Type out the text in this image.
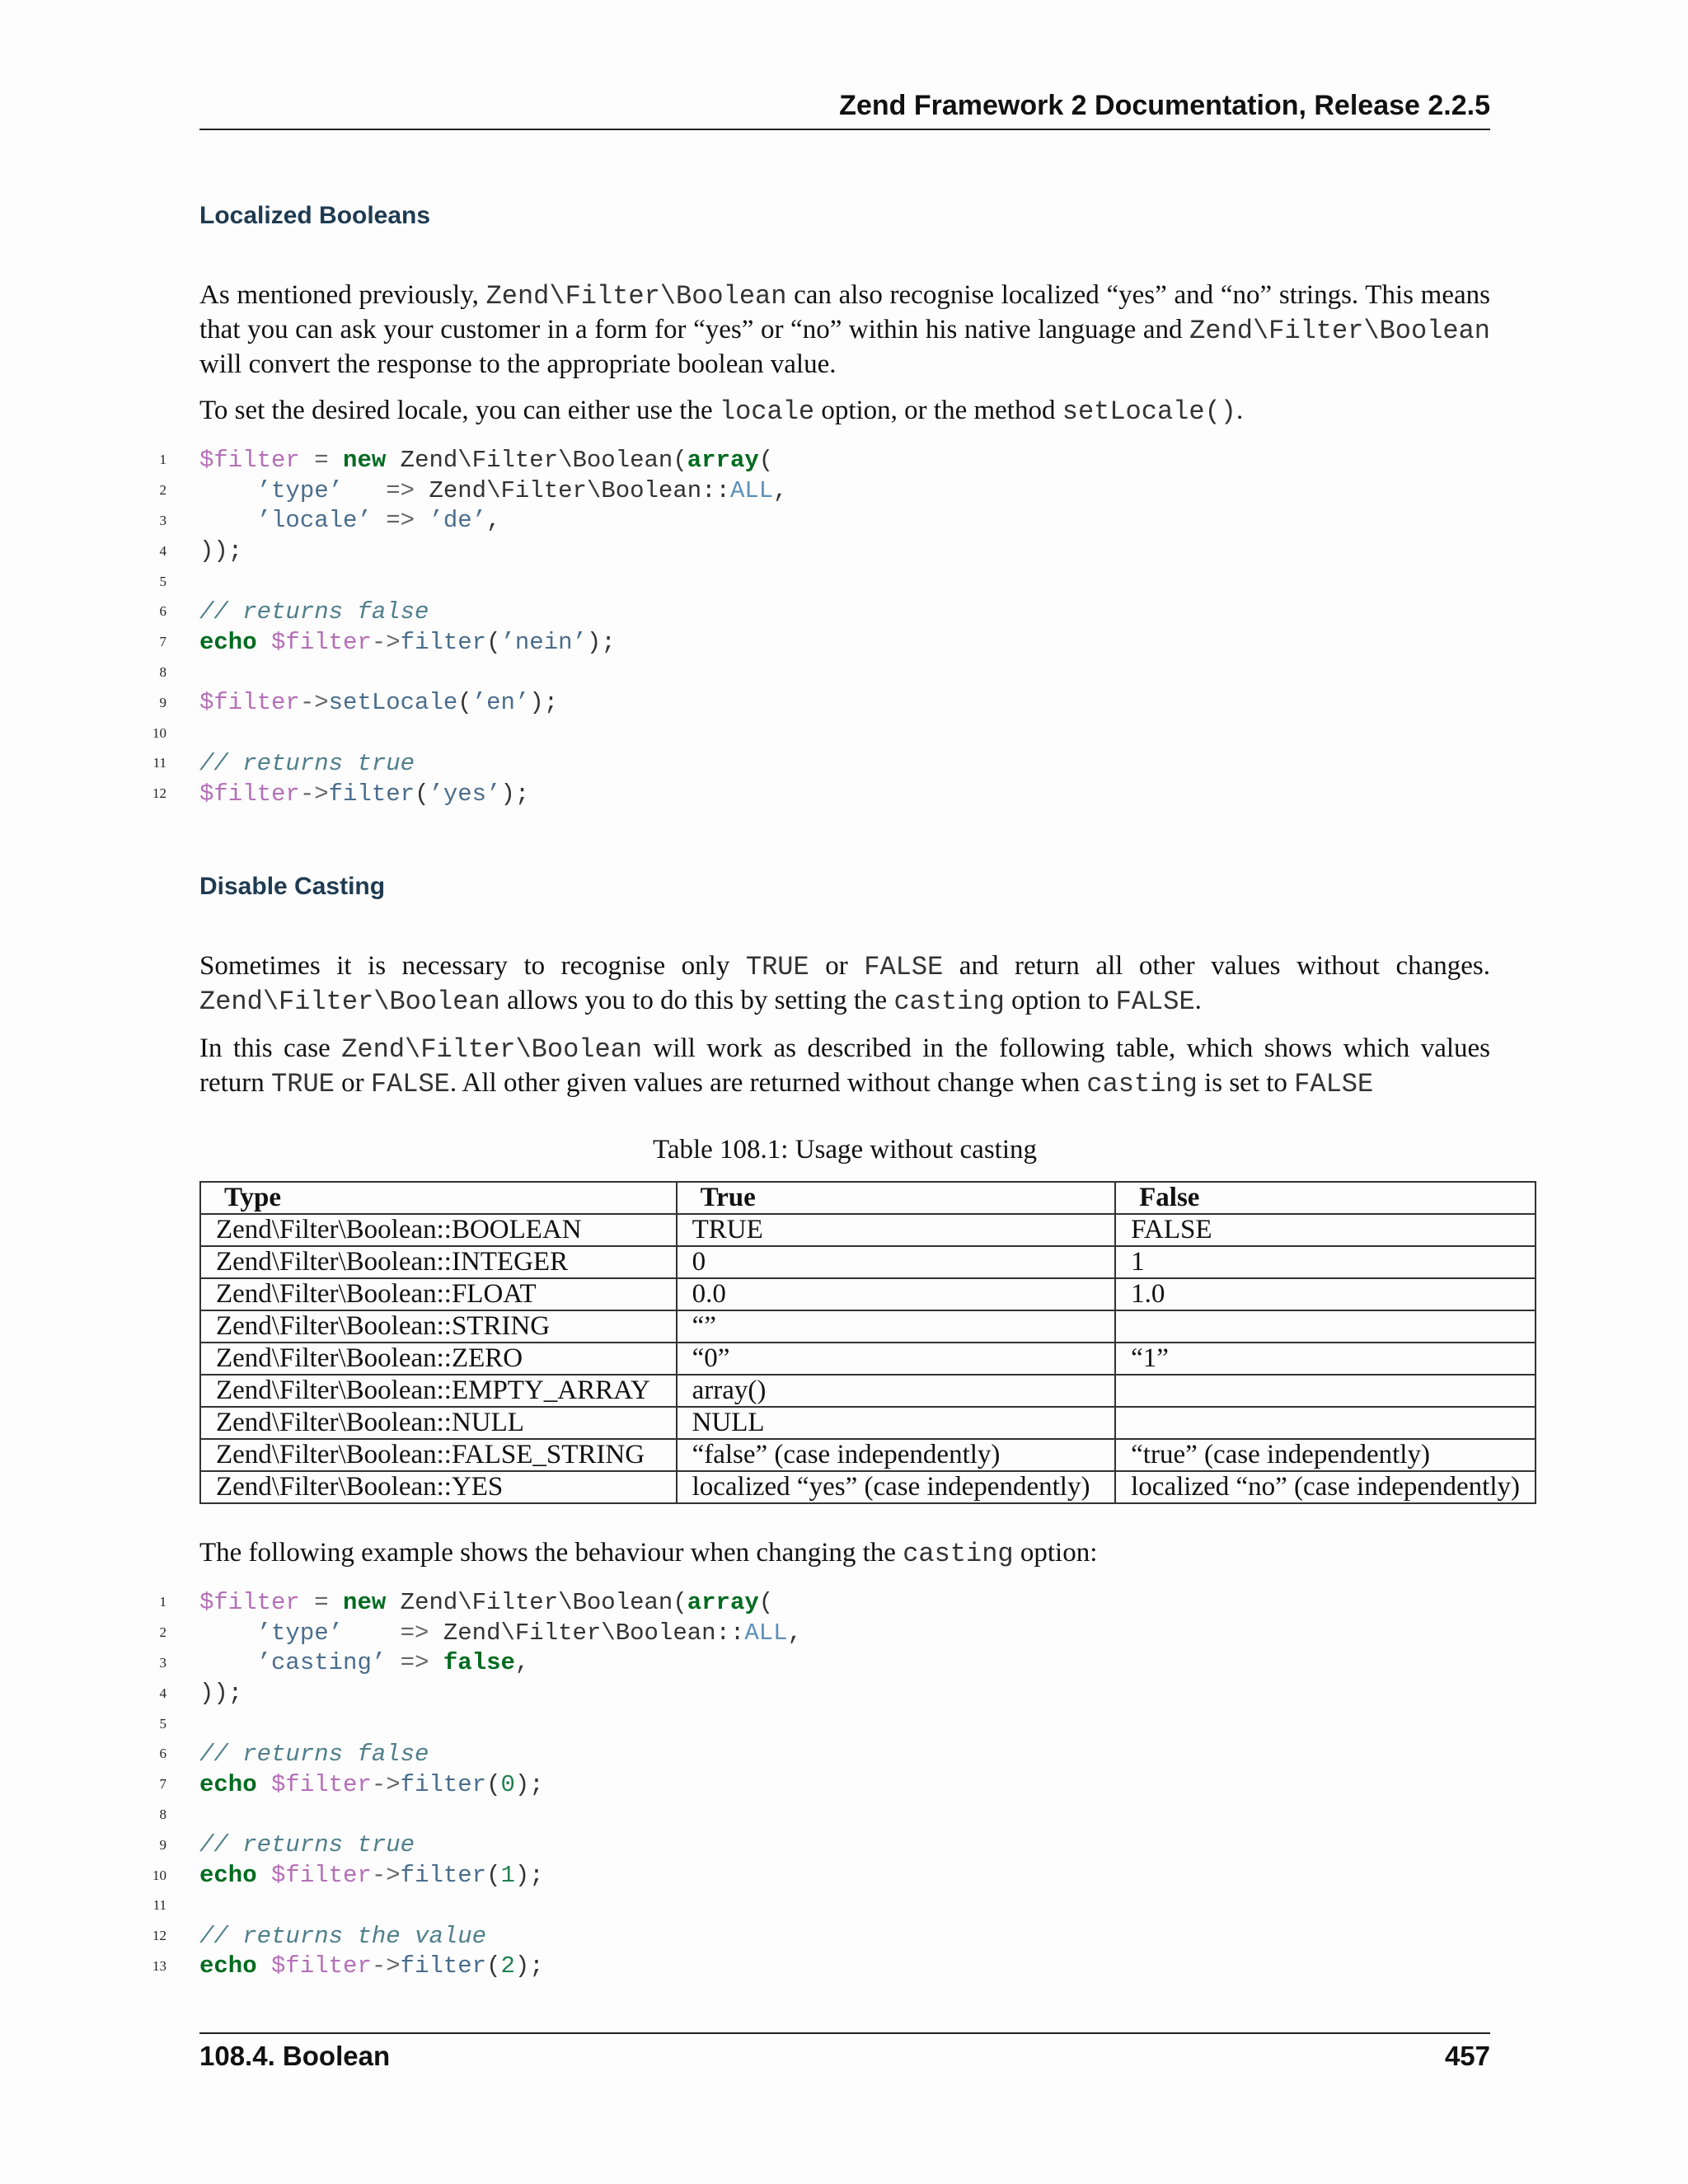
Zend Framework 2 Documentation, Release 2.2.5
Localized Booleans
As mentioned previously, Zend\Filter\Boolean can also recognise localized “yes” and “no” strings. This means that you can ask your customer in a form for “yes” or “no” within his native language and Zend\Filter\Boolean will convert the response to the appropriate boolean value.
To set the desired locale, you can either use the locale option, or the method setLocale().
1 $filter = new Zend\Filter\Boolean(array(
2	’type’   => Zend\Filter\Boolean::ALL,
3	’locale’ => ’de’,
4 ));
5
6 // returns false
7 echo $filter->filter(’nein’);
8
9 $filter->setLocale(’en’);
10
11 // returns true
12 $filter->filter(’yes’);
Disable Casting
Sometimes it is necessary to recognise only TRUE or FALSE and return all other values without changes. Zend\Filter\Boolean allows you to do this by setting the casting option to FALSE.
In this case Zend\Filter\Boolean will work as described in the following table, which shows which values return TRUE or FALSE. All other given values are returned without change when casting is set to FALSE
Table 108.1: Usage without casting
Type	True	False
Zend\Filter\Boolean::BOOLEAN	TRUE	FALSE
Zend\Filter\Boolean::INTEGER	0	1
Zend\Filter\Boolean::FLOAT	0.0	1.0
Zend\Filter\Boolean::STRING	“”	
Zend\Filter\Boolean::ZERO	“0”	“1”
Zend\Filter\Boolean::EMPTY_ARRAY	array()	
Zend\Filter\Boolean::NULL	NULL	
Zend\Filter\Boolean::FALSE_STRING	“false” (case independently)	“true” (case independently)
Zend\Filter\Boolean::YES	localized “yes” (case independently)	localized “no” (case independently)
The following example shows the behaviour when changing the casting option:
1 $filter = new Zend\Filter\Boolean(array(
2	’type’    => Zend\Filter\Boolean::ALL,
3	’casting’ => false,
4 ));
5
6 // returns false
7 echo $filter->filter(0);
8
9 // returns true
10 echo $filter->filter(1);
11
12 // returns the value
13 echo $filter->filter(2);
108.4. Boolean	457
